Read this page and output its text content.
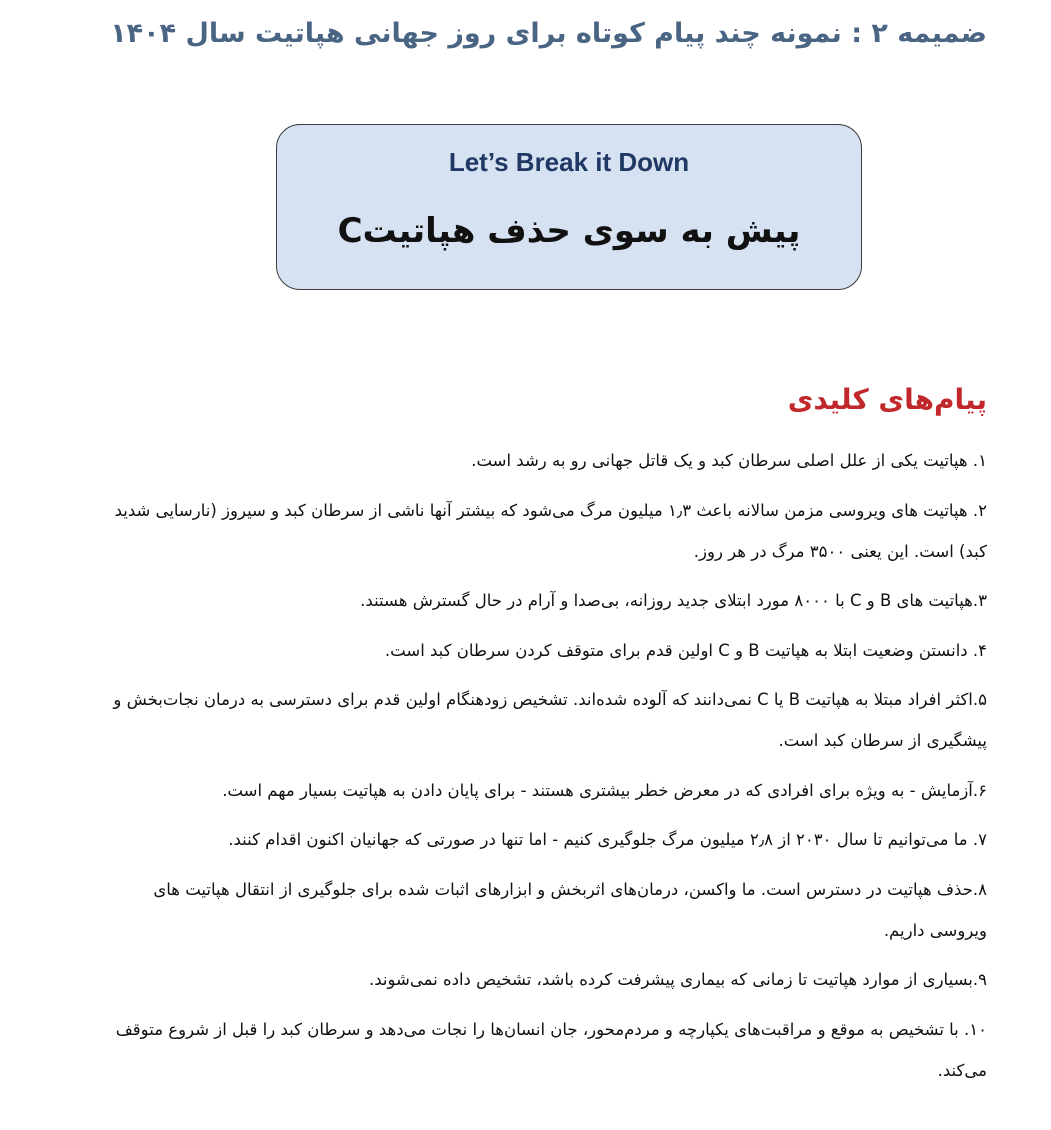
ضمیمه ۲ : نمونه چند پیام کوتاه برای روز جهانی هپاتیت سال ۱۴۰۴
Let’s Break it Down
پیش به سوی حذف هپاتیتC
پیام‌های کلیدی
۱. هپاتیت یکی از علل اصلی سرطان کبد و یک قاتل جهانی رو به رشد است.
۲. هپاتیت های ویروسی مزمن سالانه باعث ۱٫۳ میلیون مرگ می‌شود که بیشتر آنها ناشی از سرطان کبد و سیروز (نارسایی شدید کبد) است. این یعنی ۳۵۰۰ مرگ در هر روز.
۳.هپاتیت های B و C با ۸۰۰۰ مورد ابتلای جدید روزانه، بی‌صدا و آرام در حال گسترش هستند.
۴. دانستن وضعیت ابتلا به هپاتیت B و C اولین قدم برای متوقف کردن سرطان کبد است.
۵.اکثر افراد مبتلا به هپاتیت B یا C نمی‌دانند که آلوده شده‌اند. تشخیص زودهنگام اولین قدم برای دسترسی به درمان نجات‌بخش و پیشگیری از سرطان کبد است.
۶.آزمایش - به ویژه برای افرادی که در معرض خطر بیشتری هستند - برای پایان دادن به هپاتیت بسیار مهم است.
۷. ما می‌توانیم تا سال ۲۰۳۰ از ۲٫۸ میلیون مرگ جلوگیری کنیم - اما تنها در صورتی که جهانیان اکنون اقدام کنند.
۸.حذف هپاتیت در دسترس است. ما واکسن، درمان‌های اثربخش و ابزارهای اثبات شده برای جلوگیری از انتقال هپاتیت های ویروسی داریم.
۹.بسیاری از موارد هپاتیت تا زمانی که بیماری پیشرفت کرده باشد، تشخیص داده نمی‌شوند.
۱۰. با تشخیص به موقع و مراقبت‌های یکپارچه و مردم‌محور، جان انسان‌ها را نجات می‌دهد و سرطان کبد را قبل از شروع متوقف می‌کند.
